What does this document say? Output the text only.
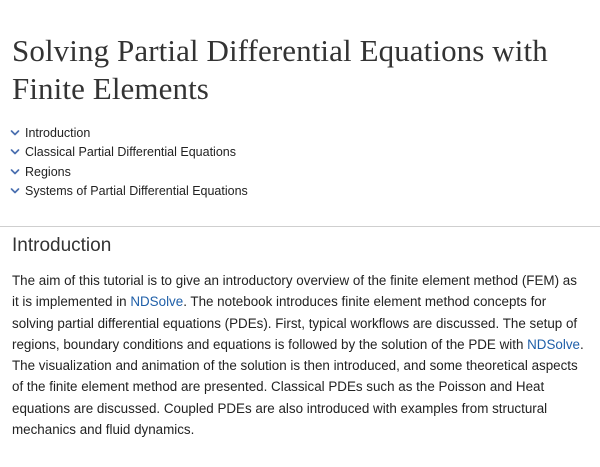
Solving Partial Differential Equations with Finite Elements
Introduction
Classical Partial Differential Equations
Regions
Systems of Partial Differential Equations
Introduction

The aim of this tutorial is to give an introductory overview of the finite element method (FEM) as it is implemented in NDSolve. The notebook introduces finite element method concepts for solving partial differential equations (PDEs). First, typical workflows are discussed. The setup of regions, boundary conditions and equations is followed by the solution of the PDE with NDSolve. The visualization and animation of the solution is then introduced, and some theoretical aspects of the finite element method are presented. Classical PDEs such as the Poisson and Heat equations are discussed. Coupled PDEs are also introduced with examples from structural mechanics and fluid dynamics.
